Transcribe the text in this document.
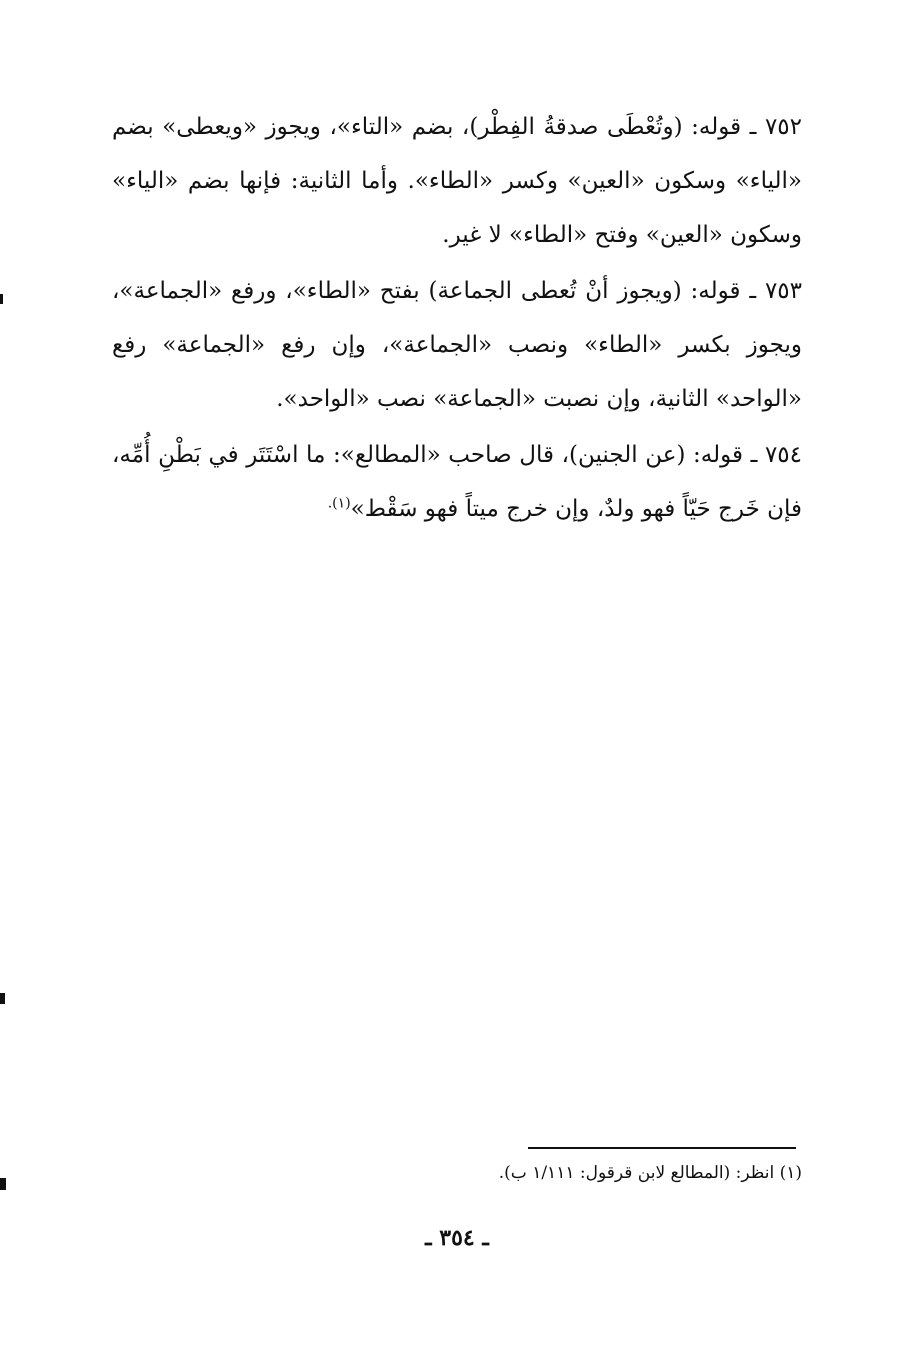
٧٥٢ ـ قوله: (وتُعْطَى صدقةُ الفِطْر)، بضم «التاء»، ويجوز «ويعطى» بضم «الياء» وسكون «العين» وكسر «الطاء». وأما الثانية: فإنها بضم «الياء» وسكون «العين» وفتح «الطاء» لا غير.

٧٥٣ ـ قوله: (ويجوز أنْ تُعطى الجماعة) بفتح «الطاء»، ورفع «الجماعة»، ويجوز بكسر «الطاء» ونصب «الجماعة»، وإن رفع «الجماعة» رفع «الواحد» الثانية، وإن نصبت «الجماعة» نصب «الواحد».

٧٥٤ ـ قوله: (عن الجنين)، قال صاحب «المطالع»: ما اسْتَتَر في بَطْنِ أُمِّه، فإن خَرج حَيّاً فهو ولدٌ، وإن خرج ميتاً فهو سَقْط»$^{(١).}$

(١) انظر: (المطالع لابن قرقول: ١/١١١ ب).
ـ ٣٥٤ ـ
